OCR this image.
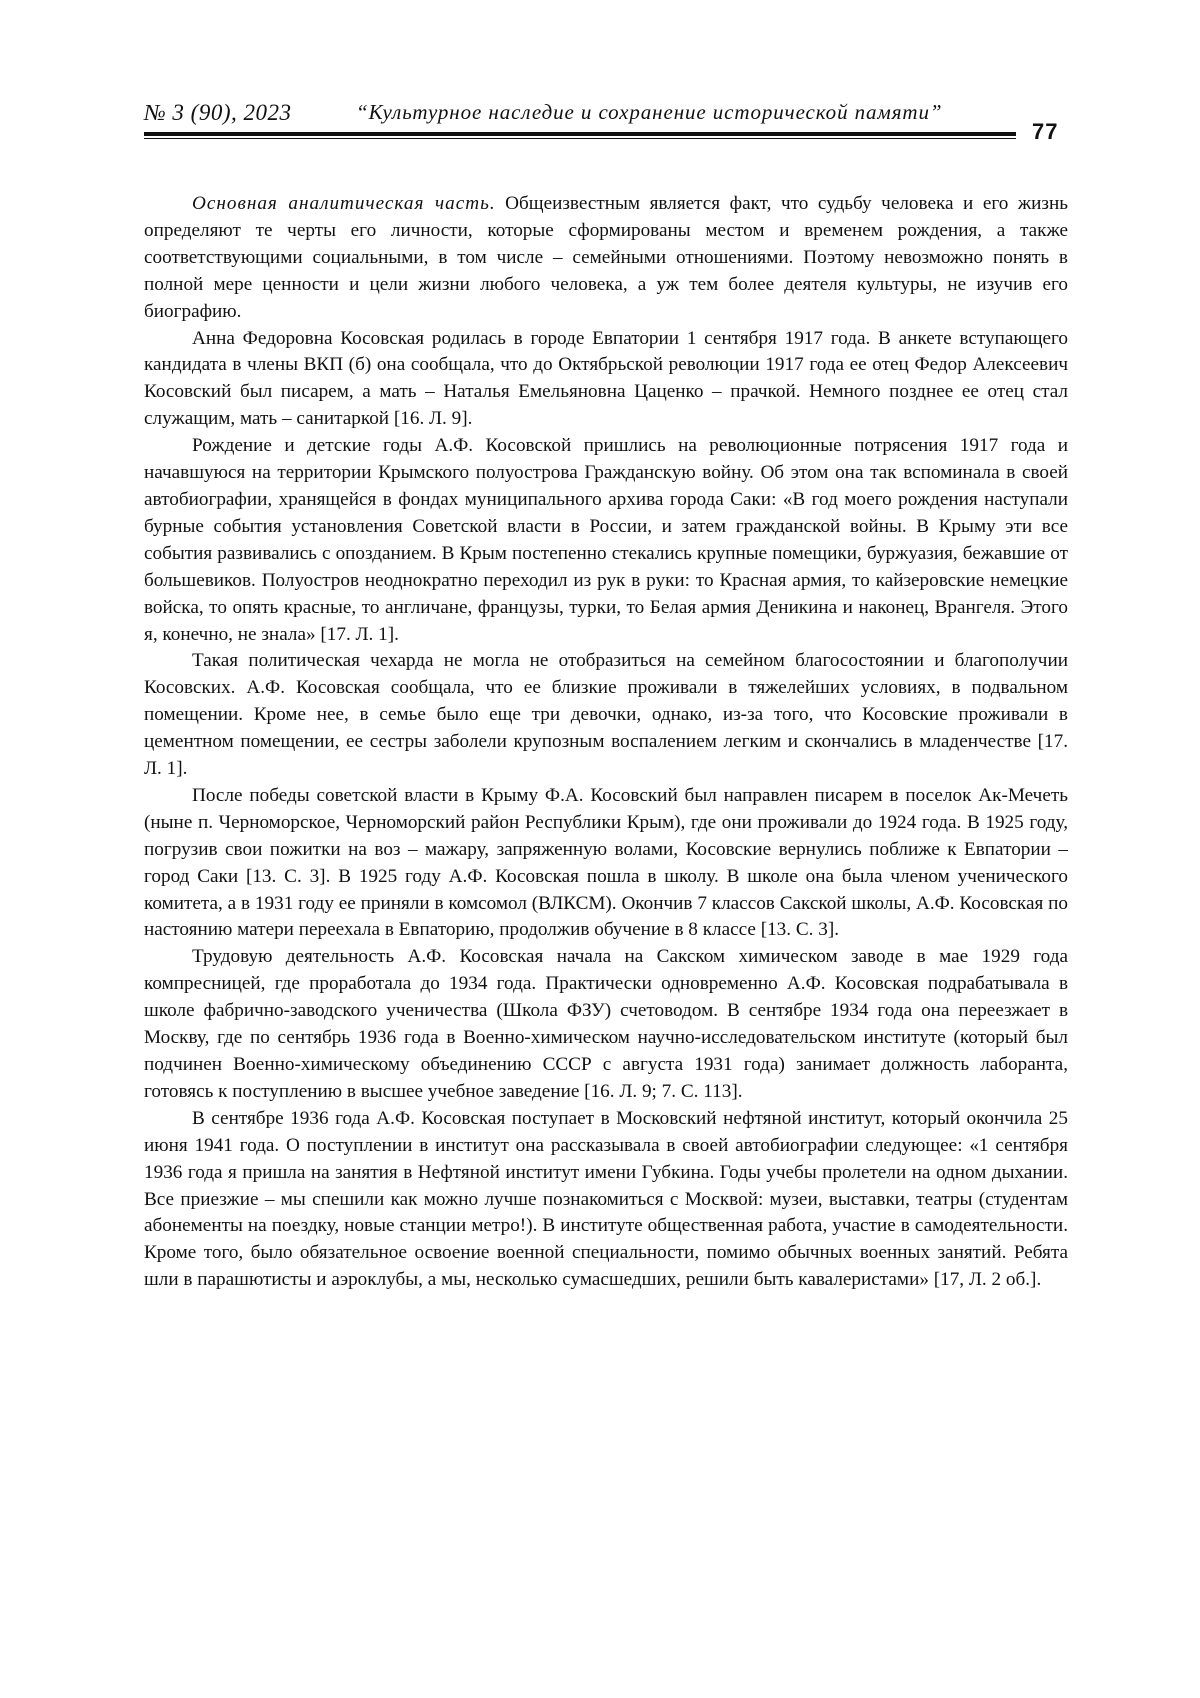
№ 3 (90), 2023	“Культурное наследие и сохранение исторической памяти”
77

Основная аналитическая часть. Общеизвестным является факт, что судьбу человека и его жизнь определяют те черты его личности, которые сформированы местом и временем рождения, а также соответствующими социальными, в том числе – семейными отношениями. Поэтому невозможно понять в полной мере ценности и цели жизни любого человека, а уж тем более деятеля культуры, не изучив его биографию.

Анна Федоровна Косовская родилась в городе Евпатории 1 сентября 1917 года. В анкете вступающего кандидата в члены ВКП (б) она сообщала, что до Октябрьской революции 1917 года ее отец Федор Алексеевич Косовский был писарем, а мать – Наталья Емельяновна Цаценко – прачкой. Немного позднее ее отец стал служащим, мать – санитаркой [16. Л. 9].

Рождение и детские годы А.Ф. Косовской пришлись на революционные потрясе­ния 1917 года и начавшуюся на территории Крымского полуострова Гражданскую войну. Об этом она так вспоминала в своей автобиографии, хранящейся в фондах муници­пального архива города Саки: «В год моего рождения наступали бурные события установления Советской власти в России, и затем гражданской войны. В Крыму эти все события развивались с опозданием. В Крым постепенно стекались крупные поме­щики, буржуазия, бежавшие от большевиков. Полуостров неоднократно переходил из рук в руки: то Красная армия, то кайзеровские немецкие войска, то опять красные, то англичане, французы, турки, то Белая армия Деникина и наконец, Врангеля. Этого я, конечно, не знала» [17. Л. 1].

Такая политическая чехарда не могла не отобразиться на семейном благососто­янии и благополучии Косовских. А.Ф. Косовская сообщала, что ее близкие проживали в тяжелейших условиях, в подвальном помещении. Кроме нее, в семье было еще три девочки, однако, из-за того, что Косовские проживали в цементном помещении, ее сестры заболели крупозным воспалением легким и скончались в младенчестве [17. Л. 1].

После победы советской власти в Крыму Ф.А. Косовский был направлен писарем в поселок Ак-Мечеть (ныне п. Черноморское, Черноморский район Республики Крым), где они проживали до 1924 года. В 1925 году, погрузив свои пожитки на воз – мажару, запряженную волами, Косовские вернулись поближе к Евпатории – город Саки [13. С. 3]. В 1925 году А.Ф. Косовская пошла в школу. В школе она была членом ученического комитета, а в 1931 году ее приняли в комсомол (ВЛКСМ). Окончив 7 классов Сакской школы, А.Ф. Косовская по настоянию матери переехала в Евпаторию, продолжив обу­чение в 8 классе [13. С. 3].

Трудовую деятельность А.Ф. Косовская начала на Сакском химическом заводе в мае 1929 года компресницей, где проработала до 1934 года. Практически одновремен­но А.Ф. Косовская подрабатывала в школе фабрично-заводского ученичества (Школа ФЗУ) счетоводом. В сентябре 1934 года она переезжает в Москву, где по сентябрь 1936 года в Военно-химическом научно-исследовательском институте (который был подчинен Военно-химическому объединению СССР с августа 1931 года) занимает должность лаборанта, готовясь к поступлению в высшее учебное заведение [16. Л. 9; 7. С. 113].

В сентябре 1936 года А.Ф. Косовская поступает в Московский нефтяной инсти­тут, который окончила 25 июня 1941 года. О поступлении в институт она рассказывала в своей автобиографии следующее: «1 сентября 1936 года я пришла на занятия в Нефтяной институт имени Губкина. Годы учебы пролетели на одном дыхании. Все приезжие – мы спешили как можно лучше познакомиться с Москвой: музеи, выставки, театры (студентам абонементы на поездку, новые станции метро!). В институте обще­ственная работа, участие в самодеятельности. Кроме того, было обязательное осво­ение военной специальности, помимо обычных военных занятий. Ребята шли в пара­шютисты и аэроклубы, а мы, несколько сумасшедших, решили быть кавалеристами» [17, Л. 2 об.].
